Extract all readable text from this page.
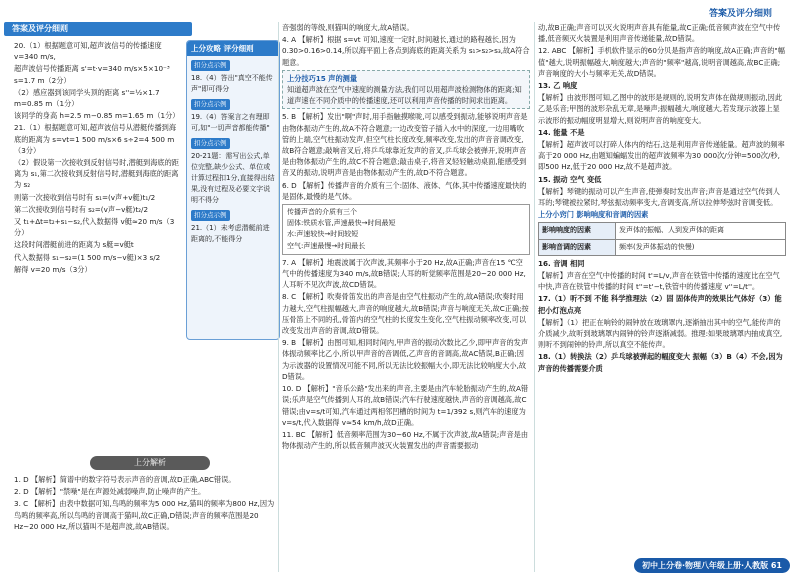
答案及评分细则
答案及评分细则

20.（1）根据题意可知,超声波信号的传播速度 v=340 m/s,

超声波信号传播距离 s'=t·v=340 m/s×5×10⁻³ s=1.7 m（2分）

（2）感应器到该同学头顶的距离 s''=½×1.7 m=0.85 m（1分）

该同学的身高 h=2.5 m−0.85 m=1.65 m（1分）

21.（1）根据题意可知,超声波信号从潜艇传播到海底的距离为 s=vt=1 500 m/s×6 s÷2=4 500 m（3分）

（2）假设第一次接收到反射信号时,潜艇到海底的距离为 s₁,第二次接收到反射信号时,潜艇到海底的距离为 s₂

则第一次接收到信号时有 s₁=(v声+v艇)t₁/2

第二次接收到信号时有 s₂=(v声−v艇)t₂/2

又 t₁+Δt=t₂+s₁−s₂,代入数据得 v艇≈20 m/s（3分）

这段时间潜艇前进的距离为 s艇=v艇t

代入数据得 s₁−s₂=(1 500 m/s−v艇)×3 s/2

解得 v=20 m/s（3分）

上分攻略 评分细则
扣分点示例
18.（4）答出"真空不能传声"即可得分
扣分点示例
19.（4）答案言之有理即可,如"一切声音都能传播"
扣分点示例
20-21题：需写出公式,单位完整,缺少公式、单位或计算过程扣1分,直接得出结果,没有过程及必要文字说明不得分
扣分点示例
21.（1）未考虑潜艇前进距离的,不能得分
上分解析

1. D 【解析】简谱中的数字符号表示声音的音调,故D正确,ABC错误。

2. D 【解析】"禁噪"是在声源处减弱噪声,防止噪声的产生。

3. C 【解析】由表中数据可知,鸟鸣的频率为5 000 Hz,猫叫的频率为800 Hz,因为鸟鸣的频率高,所以鸟鸣的音调高于猫叫,故C正确,D错误;声音的频率范围是20 Hz~20 000 Hz,所以猫叫不是超声波,故AB错误。

音强弱的等级,则猫叫的响度大,故A错误。

4. A 【解析】根据 s=vt 可知,速度一定时,时间越长,通过的路程越长,因为0.30>0.16>0.14,所以海平面上各点到海底的距离关系为 s₁>s₂>s₃,故A符合题意。

上分技巧15 声的测量
知道超声波在空气中速度的测量方法,我们可以用超声波检测物体的距离;知道声速在不同介质中的传播速度,还可以利用声音传播的时间求出距离。

5. B 【解析】发出"啊"声时,用手指触摸喉咙,可以感受到振动,能够说明声音是由物体振动产生的,故A不符合题意;一边改变管子插入水中的深度,一边用嘴吹管的上端,空气柱振动发声,但空气柱长度改变,频率改变,发出的声音音调改变,故B符合题意;敲响音叉后,将乒乓球靠近发声的音叉,乒乓球会被弹开,说明声音是由物体振动产生的,故C不符合题意;敲击桌子,将音叉轻轻触动桌面,能感受到音叉的振动,说明声音是由物体振动产生的,故D不符合题意。

6. D 【解析】传播声音的介质有三个:固体、液体、气体,其中传播速度最快的是固体,最慢的是气体。

传播声音的介质有三个
固体:铁质水管,声速最快→时间最短
水:声速较快→时间较短
空气:声速最慢→时间最长

7. A 【解析】地震波属于次声波,其频率小于20 Hz,故A正确;声音在15 ℃空气中的传播速度为340 m/s,故B错误;人耳的听觉频率范围是20~20 000 Hz,人耳听不见次声波,故CD错误。

8. C 【解析】吹奏骨笛发出的声音是由空气柱振动产生的,故A错误;吹奏时用力越大,空气柱振幅越大,声音的响度越大,故B错误;声音与响度无关,故C正确;按压骨笛上不同的孔,骨笛内的空气柱的长度发生变化,空气柱振动频率改变,可以改变发出声音的音调,故D错误。

9. B 【解析】由图可知,相同时间内,甲声音的振动次数比乙少,即甲声音的发声体振动频率比乙小,所以甲声音的音调低,乙声音的音调高,故AC错误,B正确;因为示波器的设置情况可能不同,所以无法比较振幅大小,即无法比较响度大小,故D错误。

10. D 【解析】"音乐公路"发出来的声音,主要是由汽车轮胎振动产生的,故A错误;乐声是空气传播到人耳的,故B错误;汽车行驶速度越快,声音的音调越高,故C错误;由v=s/t可知,汽车通过两相邻凹槽的时间为 t=1/392 s,则汽车的速度为 v=s/t,代入数据得 v≈54 km/h,故D正确。

11. BC 【解析】低音频率范围为30~60 Hz,不属于次声波,故A错误;声音是由物体振动产生的,所以低音频声波灭火装置发出的声音需要振动

动,故B正确;声音可以灭火说明声音具有能量,故C正确;低音频声波在空气中传播,低音频灭火装置是利用声音传递能量,故D错误。

12. ABC 【解析】手机软件显示的60分贝是指声音的响度,故A正确;声音的"幅值"越大,说明振幅越大,响度越大;声音的"频率"越高,说明音调越高,故BC正确;声音响度的大小与频率无关,故D错误。

13. 乙 响度

【解析】由波形图可知,乙图中的波形是规则的,说明发声体在做规则振动,因此乙是乐音;甲图的波形杂乱无章,是噪声;振幅越大,响度越大,若发现示波器上显示波形的振动幅度明显增大,则说明声音的响度变大。

14. 能量 不是

【解析】超声波可以打碎人体内的结石,这是利用声音传递能量。超声波的频率高于20 000 Hz,由题知蝙蝠发出的超声波频率为30 000次/分钟=500次/秒,即500 Hz,低于20 000 Hz,故不是超声波。

15. 振动 空气 变低

【解析】琴键的振动可以产生声音,使弹奏时发出声音;声音是通过空气传到人耳的;琴键被拉紧时,琴弦振动频率变大,音调变高,所以拉伸琴弦时音调变低。

上分小窍门 影响响度和音调的因素

影响响度的因素	发声体的振幅、人到发声体的距离
影响音调的因素	频率(发声体振动的快慢)

16. 音调 相同

【解析】声音在空气中传播的时间 t'=L/v,声音在铁管中传播的速度比在空气中快,声音在铁管中传播的时间 t''=t'−t,铁管中的传播速度 v''=L/t''。

17.（1）听不到 不能 科学推理法（2）固 固体传声的效果比气体好（3）能把小灯泡点亮

【解析】（1）把正在响铃的闹钟放在玻璃罩内,逐渐抽出其中的空气,能传声的介质减少,故听到玻璃罩内闹钟的铃声逐渐减弱。推理:如果玻璃罩内抽成真空,则听不到闹钟的铃声,所以真空不能传声。

18.（1）转换法（2）乒乓球被弹起的幅度变大 振幅（3）B（4）不会,因为声音的传播需要介质

初中上分卷·物理八年级上册·人教版 61
